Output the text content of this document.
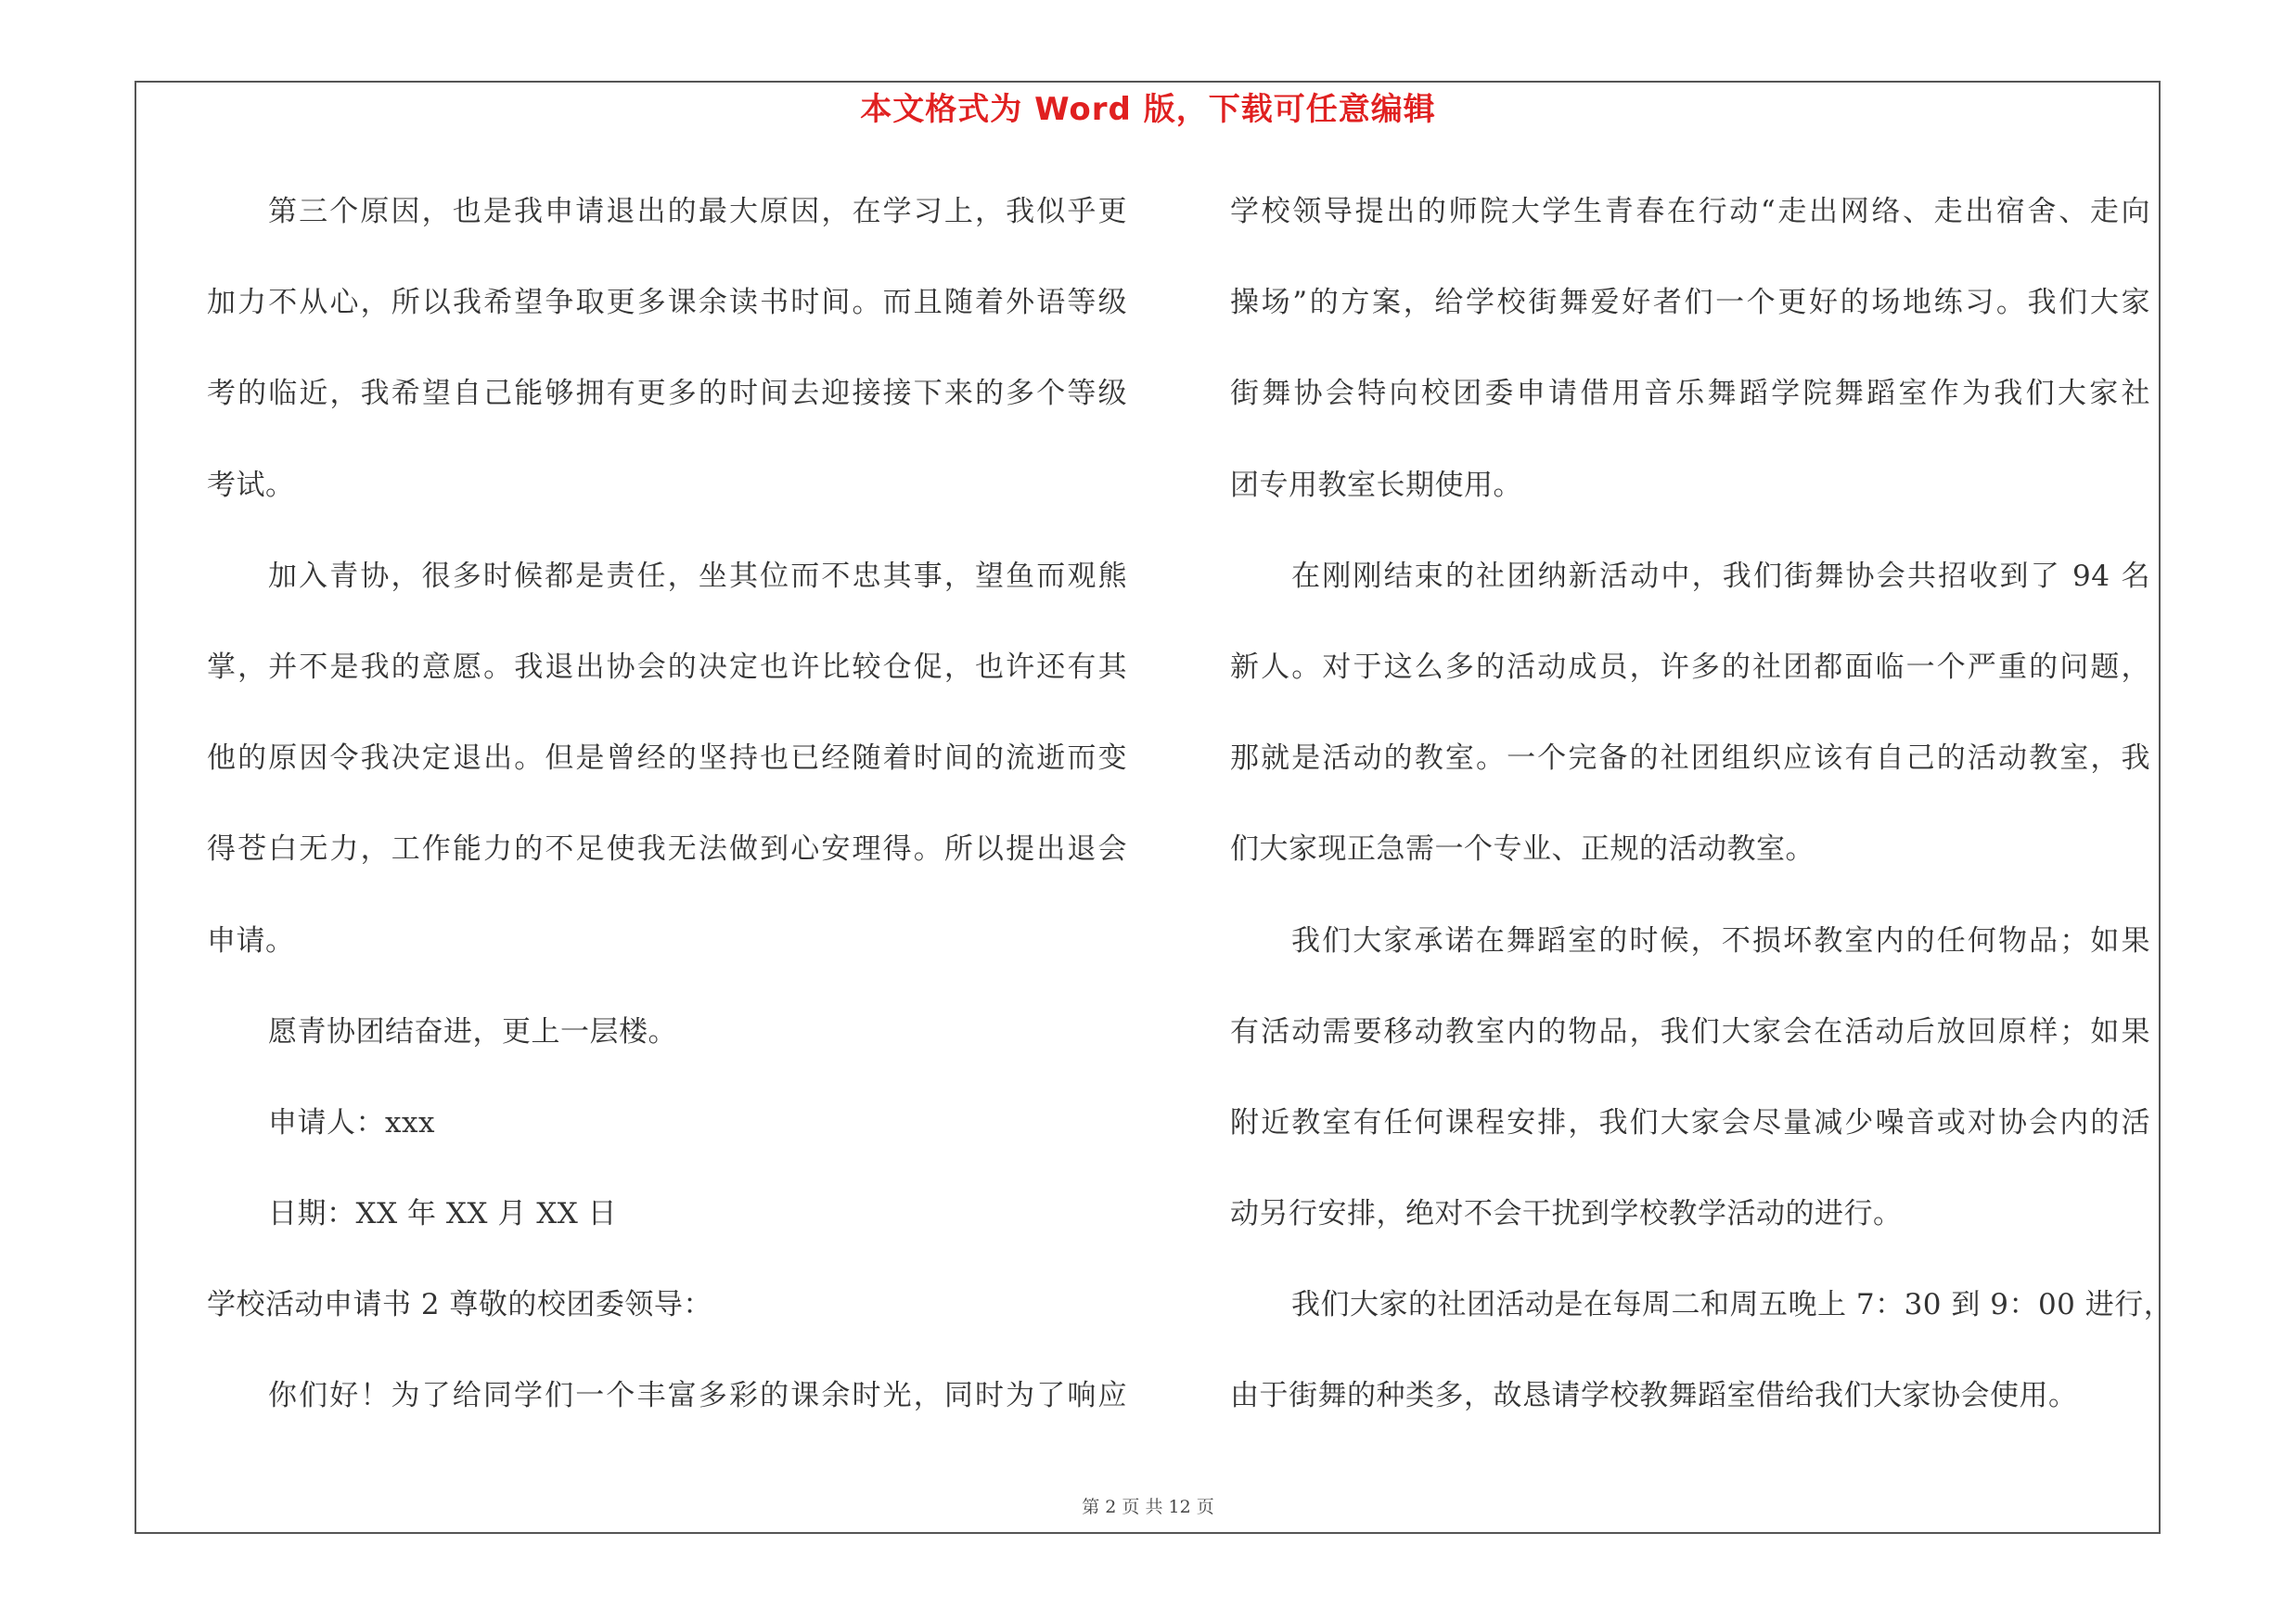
本文格式为 Word 版，下载可任意编辑
第三个原因，也是我申请退出的最大原因，在学习上，我似乎更
加力不从心，所以我希望争取更多课余读书时间。而且随着外语等级
考的临近，我希望自己能够拥有更多的时间去迎接接下来的多个等级
考试。
加入青协，很多时候都是责任，坐其位而不忠其事，望鱼而观熊
掌，并不是我的意愿。我退出协会的决定也许比较仓促，也许还有其
他的原因令我决定退出。但是曾经的坚持也已经随着时间的流逝而变
得苍白无力，工作能力的不足使我无法做到心安理得。所以提出退会
申请。
愿青协团结奋进，更上一层楼。
申请人：xxx
日期：XX 年 XX 月 XX 日
学校活动申请书 2 尊敬的校团委领导：
你们好！为了给同学们一个丰富多彩的课余时光，同时为了响应
学校领导提出的师院大学生青春在行动“走出网络、走出宿舍、走向
操场”的方案，给学校街舞爱好者们一个更好的场地练习。我们大家
街舞协会特向校团委申请借用音乐舞蹈学院舞蹈室作为我们大家社
团专用教室长期使用。
在刚刚结束的社团纳新活动中，我们街舞协会共招收到了 94 名
新人。对于这么多的活动成员，许多的社团都面临一个严重的问题，
那就是活动的教室。一个完备的社团组织应该有自己的活动教室，我
们大家现正急需一个专业、正规的活动教室。
我们大家承诺在舞蹈室的时候，不损坏教室内的任何物品；如果
有活动需要移动教室内的物品，我们大家会在活动后放回原样；如果
附近教室有任何课程安排，我们大家会尽量减少噪音或对协会内的活
动另行安排，绝对不会干扰到学校教学活动的进行。
我们大家的社团活动是在每周二和周五晚上 7：30 到 9：00 进行，
由于街舞的种类多，故恳请学校教舞蹈室借给我们大家协会使用。
第 2 页 共 12 页
